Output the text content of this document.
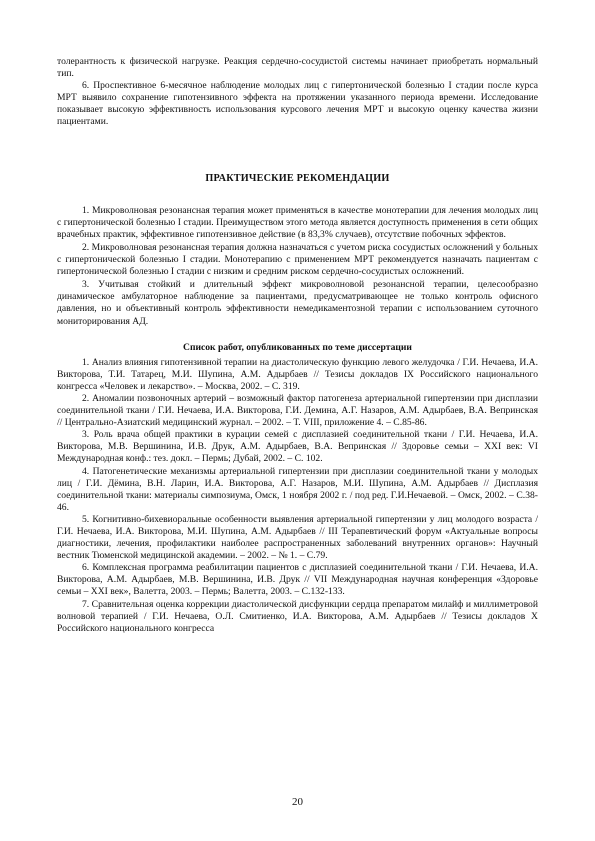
толерантность к физической нагрузке. Реакция сердечно-сосудистой системы начинает приобретать нормальный тип.

6. Проспективное 6-месячное наблюдение молодых лиц с гипертонической болезнью I стадии после курса МРТ выявило сохранение гипотензивного эффекта на протяжении указанного периода времени. Исследование показывает высокую эффективность использования курсового лечения МРТ и высокую оценку качества жизни пациентами.

ПРАКТИЧЕСКИЕ РЕКОМЕНДАЦИИ

1. Микроволновая резонансная терапия может применяться в качестве монотерапии для лечения молодых лиц с гипертонической болезнью I стадии. Преимуществом этого метода является доступность применения в сети общих врачебных практик, эффективное гипотензивное действие (в 83,3% случаев), отсутствие побочных эффектов.

2. Микроволновая резонансная терапия должна назначаться с учетом риска сосудистых осложнений у больных с гипертонической болезнью I стадии. Монотерапию с применением МРТ рекомендуется назначать пациентам с гипертонической болезнью I стадии с низким и средним риском сердечно-сосудистых осложнений.

3. Учитывая стойкий и длительный эффект микроволновой резонансной терапии, целесообразно динамическое амбулаторное наблюдение за пациентами, предусматривающее не только контроль офисного давления, но и объективный контроль эффективности немедикаментозной терапии с использованием суточного мониторирования АД.

Список работ, опубликованных по теме диссертации

1. Анализ влияния гипотензивной терапии на диастолическую функцию левого желудочка / Г.И. Нечаева, И.А. Викторова, Т.И. Татарец, М.И. Шупина, А.М. Адырбаев // Тезисы докладов IX Российского национального конгресса «Человек и лекарство». – Москва, 2002. – С. 319.

2. Аномалии позвоночных артерий – возможный фактор патогенеза артериальной гипертензии при дисплазии соединительной ткани / Г.И. Нечаева, И.А. Викторова, Г.И. Демина, А.Г. Назаров, А.М. Адырбаев, В.А. Вепринская // Центрально-Азиатский медицинский журнал. – 2002. – Т. VIII, приложение 4. – С.85-86.

3. Роль врача общей практики в курации семей с дисплазией соединительной ткани / Г.И. Нечаева, И.А. Викторова, М.В. Вершинина, И.В. Друк, А.М. Адырбаев, В.А. Вепринская // Здоровье семьи – XXI век: VI Международная конф.: тез. докл. – Пермь; Дубай, 2002. – С. 102.

4. Патогенетические механизмы артериальной гипертензии при дисплазии соединительной ткани у молодых лиц / Г.И. Дёмина, В.Н. Ларин, И.А. Викторова, А.Г. Назаров, М.И. Шупина, А.М. Адырбаев // Дисплазия соединительной ткани: материалы симпозиума, Омск, 1 ноября 2002 г. / под ред. Г.И.Нечаевой. – Омск, 2002. – С.38-46.

5. Когнитивно-бихевиоральные особенности выявления артериальной гипертензии у лиц молодого возраста / Г.И. Нечаева, И.А. Викторова, М.И. Шупина, А.М. Адырбаев // III Терапевтический форум «Актуальные вопросы диагностики, лечения, профилактики наиболее распространенных заболеваний внутренних органов»: Научный вестник Тюменской медицинской академии. – 2002. – № 1. – С.79.

6. Комплексная программа реабилитации пациентов с дисплазией соединительной ткани / Г.И. Нечаева, И.А. Викторова, А.М. Адырбаев, М.В. Вершинина, И.В. Друк // VII Международная научная конференция «Здоровье семьи – XXI век», Валетта, 2003. – Пермь; Валетта, 2003. – С.132-133.

7. Сравнительная оценка коррекции диастолической дисфункции сердца препаратом милайф и миллиметровой волновой терапией / Г.И. Нечаева, О.Л. Смитиенко, И.А. Викторова, А.М. Адырбаев // Тезисы докладов X Российского национального конгресса

20
